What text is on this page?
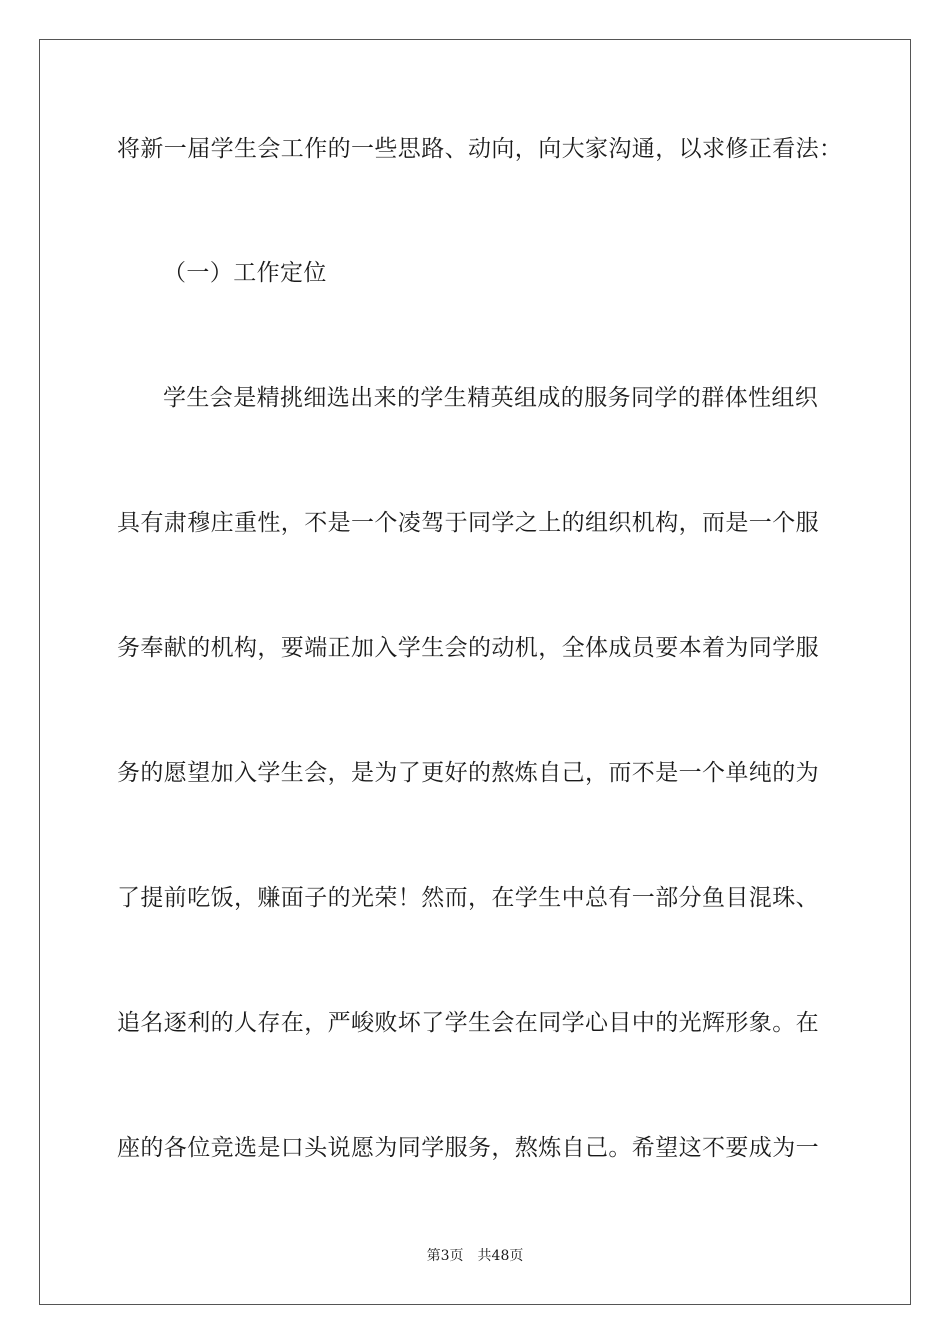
将新一届学生会工作的一些思路、动向，向大家沟通，以求修正看法：
（一）工作定位
学生会是精挑细选出来的学生精英组成的服务同学的群体性组织
具有肃穆庄重性，不是一个凌驾于同学之上的组织机构，而是一个服
务奉献的机构，要端正加入学生会的动机，全体成员要本着为同学服
务的愿望加入学生会，是为了更好的熬炼自己，而不是一个单纯的为
了提前吃饭，赚面子的光荣！然而，在学生中总有一部分鱼目混珠、
追名逐利的人存在，严峻败坏了学生会在同学心目中的光辉形象。在
座的各位竞选是口头说愿为同学服务，熬炼自己。希望这不要成为一
第3页 共48页
